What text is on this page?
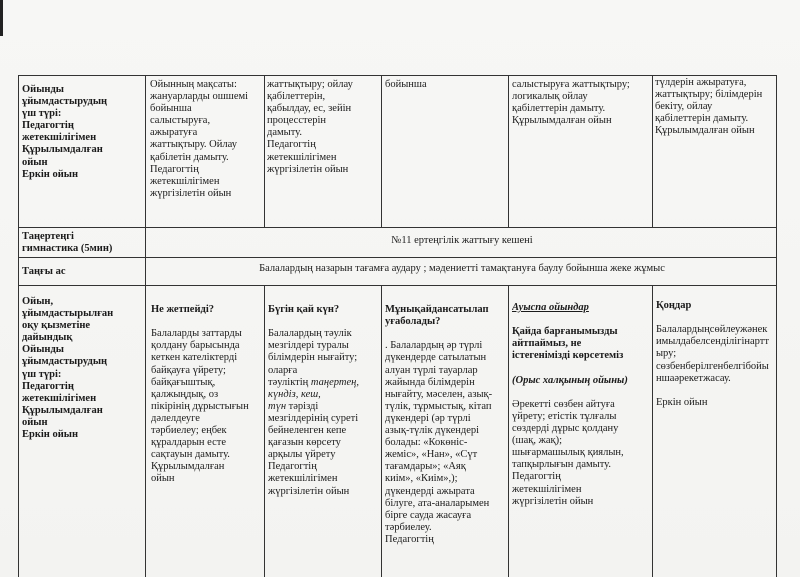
Ойынды
ұйымдастырудың
үш түрі:
Педагогтің
жетекшілігімен
Құрылымдалған
ойын
Еркін ойын
Ойынның мақсаты:
жануарларды ошшемі
бойынша
салыстыруға,
ажыратуға
жаттықтыру. Ойлау
қабілетін дамыту.
Педагогтің
жетекшілігімен
жүргізілетін ойын
жаттықтыру; ойлау
қабілеттерін,
қабылдау, ес, зейін
процесстерін
дамыту.
Педагогтің
жетекшілігімен
жүргізілетін ойын
бойынша	салыстыруға жаттықтыру;
логикалық ойлау
қабілеттерін дамыту.
Құрылымдалған ойын
түлдерін ажыратуға,
жаттықтыру; білімдерін
бекіту, ойлау
қабілеттерін дамыту.
Құрылымдалған ойын
Таңертеңгі
гимнастика (5мин)
№11 ертеңгілік жаттығу кешені
Таңғы ас	Балалардың назарын тағамға аудару ; мәдениетті тамақтануға баулу бойынша жеке жұмыс
Ойын,
ұйымдастырылған
оқу қызметіне
дайындық
Ойынды
ұйымдастырудың
үш түрі:
Педагогтің
жетекшілігімен
Құрылымдалған
ойын
Еркін ойын

Не жетпейді?

Балаларды заттарды
қолдану барысында
кеткен кателіктерді
байқауға үйрету;
байқағыштық,
қалжыңдық, оз
пікірінің дұрыстығын
дәлелдеуге
тәрбиелеу; еңбек
құралдарын есте
сақтауын дамыту.
Құрылымдалған
ойын

Бүгін қай күн?

Балалардың тәулік
мезгілдері туралы
білімдерін нығайту;
оларға
тәуліктің таңертең,
күндіз, кеш,
түн тәрізді
мезгілдерінің суреті
бейнеленген кепе
қағазын көрсету
арқылы үйрету
Педагогтің
жетекшілігімен
жүргізілетін ойын

Мұнықайдансатылап
уғаболады?

. Балалардың әр түрлі
дүкендерде сатылатын
алуан түрлі тауарлар
жайында білімдерін
нығайту, мәселен, азық-
түлік, тұрмыстық, кітап
дүкендері (әр түрлі
азық-түлік дүкендері
болады: «Кокөніс-
жеміс», «Нан», «Сүт
тағамдары»; «Аяқ
киім», «Киім»,);
дүкендерді ажырата
білуге, ата-аналарымен
бірге саудa жасауға
тәрбиелеу.
Педагогтің

Ауыспа ойындар

Қайда барғанымызды
айтпаймыз, не
істегенімізді көрсетеміз

(Орыс халқының ойыны)

Әрекетті сөзбен айтуға
үйрету; етістік тұлғалы
сөздерді дұрыс қолдану
(шақ, жақ);
шығармашылық қиялын,
тапқырлығын дамыту.
Педагогтің
жетекшілігімен
жүргізілетін ойын

Қоңдар

Балалардыңсөйлеужәнек
имылдабелсенділігінартт
ыру;
сөзбенберілгенбелгібойы
ншаәрекетжасау.

Еркін ойын
